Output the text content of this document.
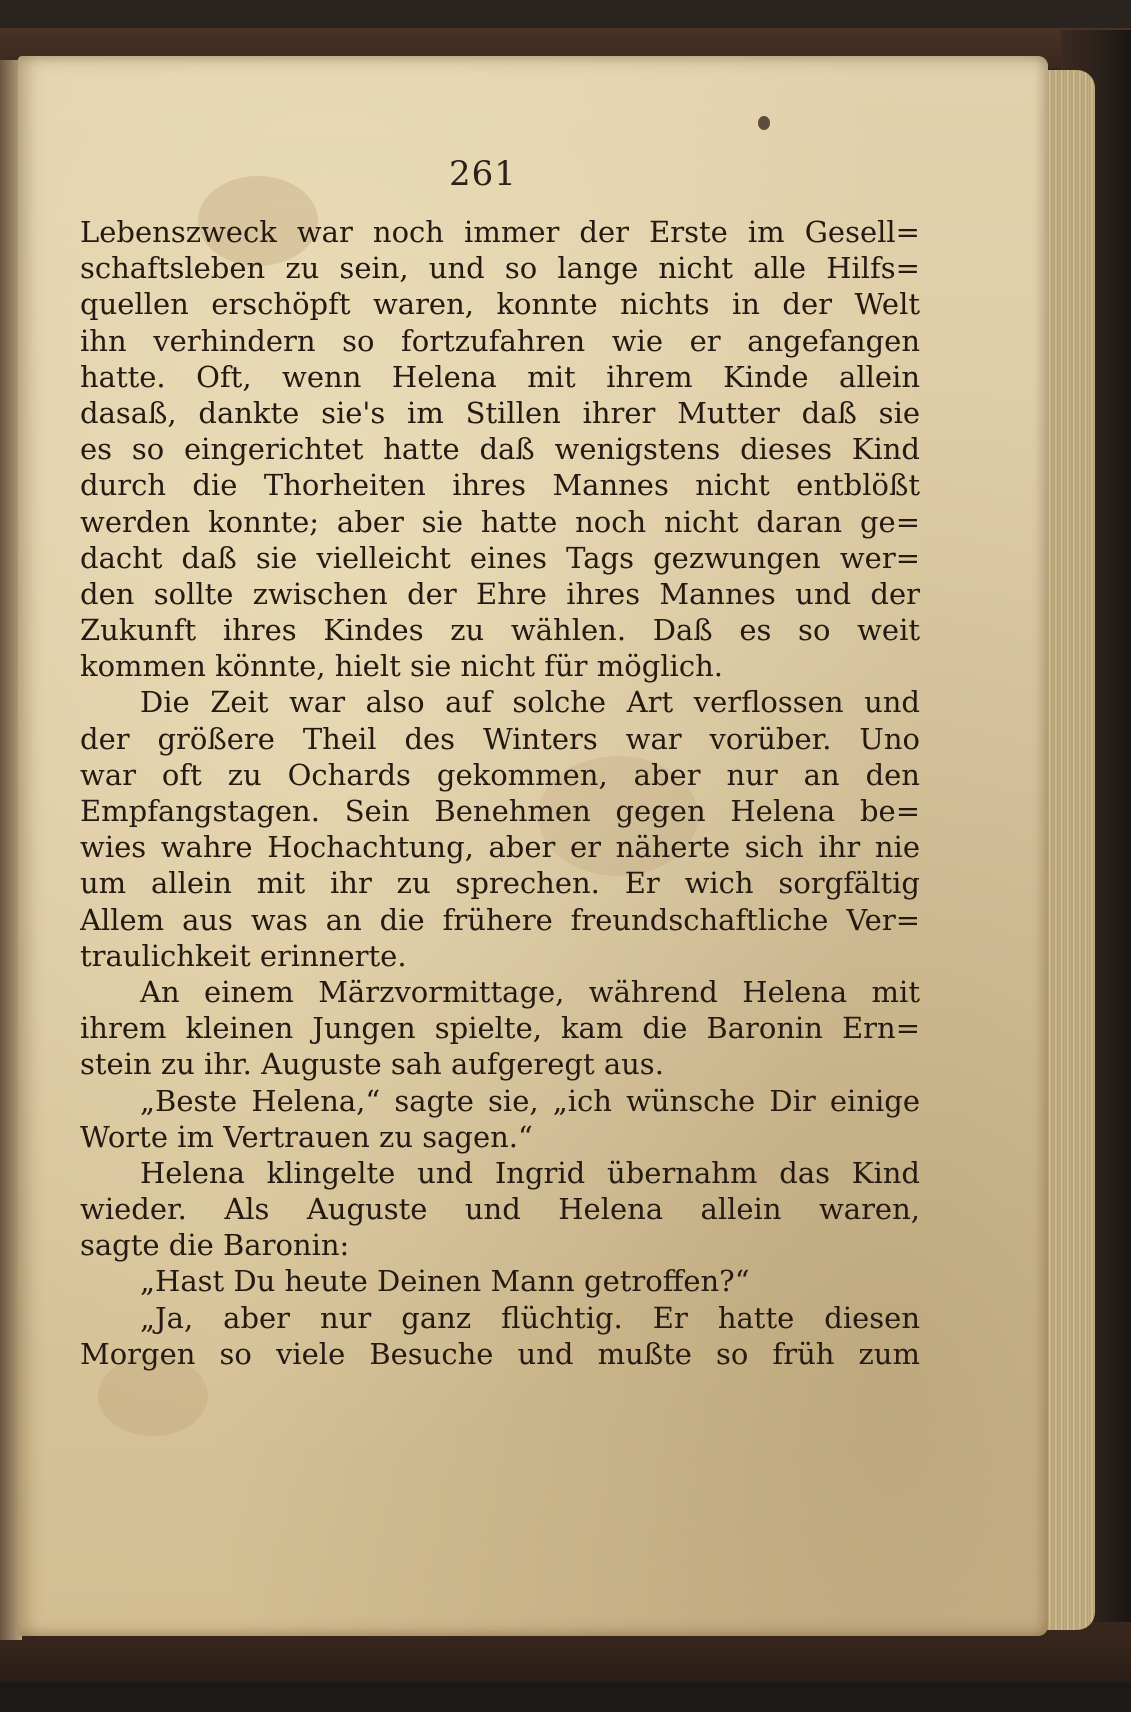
261
Lebenszweck war noch immer der Erste im Gesell=
schaftsleben zu sein, und so lange nicht alle Hilfs=
quellen erschöpft waren, konnte nichts in der Welt
ihn verhindern so fortzufahren wie er angefangen
hatte. Oft, wenn Helena mit ihrem Kinde allein
dasaß, dankte sie's im Stillen ihrer Mutter daß sie
es so eingerichtet hatte daß wenigstens dieses Kind
durch die Thorheiten ihres Mannes nicht entblößt
werden konnte; aber sie hatte noch nicht daran ge=
dacht daß sie vielleicht eines Tags gezwungen wer=
den sollte zwischen der Ehre ihres Mannes und der
Zukunft ihres Kindes zu wählen. Daß es so weit
kommen könnte, hielt sie nicht für möglich.
Die Zeit war also auf solche Art verflossen und
der größere Theil des Winters war vorüber. Uno
war oft zu Ochards gekommen, aber nur an den
Empfangstagen. Sein Benehmen gegen Helena be=
wies wahre Hochachtung, aber er näherte sich ihr nie
um allein mit ihr zu sprechen. Er wich sorgfältig
Allem aus was an die frühere freundschaftliche Ver=
traulichkeit erinnerte.
An einem Märzvormittage, während Helena mit
ihrem kleinen Jungen spielte, kam die Baronin Ern=
stein zu ihr. Auguste sah aufgeregt aus.
„Beste Helena,“ sagte sie, „ich wünsche Dir einige
Worte im Vertrauen zu sagen.“
Helena klingelte und Ingrid übernahm das Kind
wieder. Als Auguste und Helena allein waren,
sagte die Baronin:
„Hast Du heute Deinen Mann getroffen?“
„Ja, aber nur ganz flüchtig. Er hatte diesen
Morgen so viele Besuche und mußte so früh zum
